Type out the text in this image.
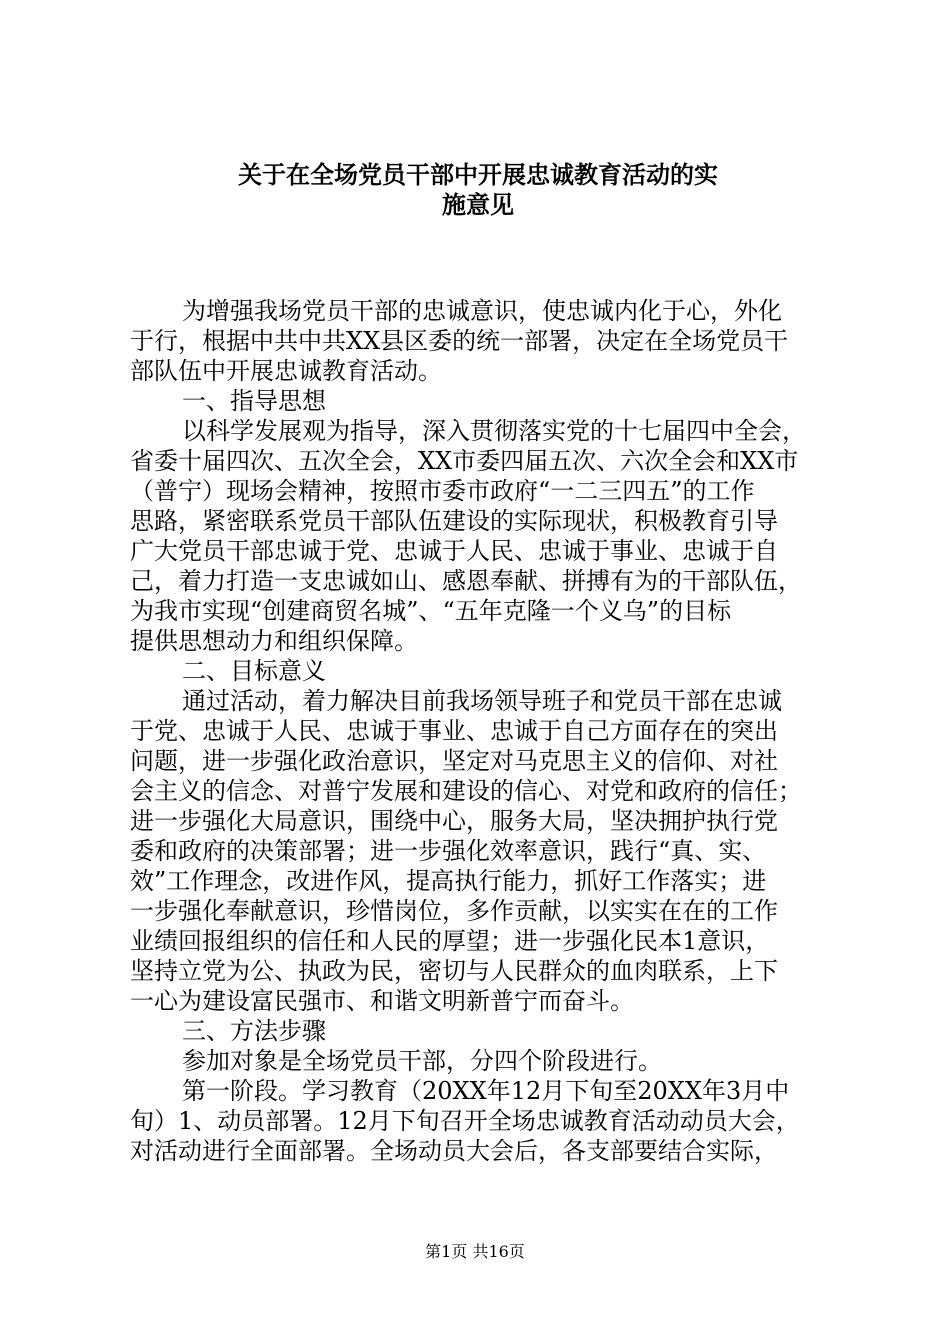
关于在全场党员干部中开展忠诚教育活动的实
施意见
为增强我场党员干部的忠诚意识，使忠诚内化于心，外化
于行，根据中共中共XX县区委的统一部署，决定在全场党员干
部队伍中开展忠诚教育活动。
一、指导思想
以科学发展观为指导，深入贯彻落实党的十七届四中全会，
省委十届四次、五次全会，XX市委四届五次、六次全会和XX市
（普宁）现场会精神，按照市委市政府“一二三四五”的工作
思路，紧密联系党员干部队伍建设的实际现状，积极教育引导
广大党员干部忠诚于党、忠诚于人民、忠诚于事业、忠诚于自
己，着力打造一支忠诚如山、感恩奉献、拼搏有为的干部队伍，
为我市实现“创建商贸名城”、“五年克隆一个义乌”的目标
提供思想动力和组织保障。
二、目标意义
通过活动，着力解决目前我场领导班子和党员干部在忠诚
于党、忠诚于人民、忠诚于事业、忠诚于自己方面存在的突出
问题，进一步强化政治意识，坚定对马克思主义的信仰、对社
会主义的信念、对普宁发展和建设的信心、对党和政府的信任；
进一步强化大局意识，围绕中心，服务大局，坚决拥护执行党
委和政府的决策部署；进一步强化效率意识，践行“真、实、
效”工作理念，改进作风，提高执行能力，抓好工作落实；进
一步强化奉献意识，珍惜岗位，多作贡献，以实实在在的工作
业绩回报组织的信任和人民的厚望；进一步强化民本1意识，
坚持立党为公、执政为民，密切与人民群众的血肉联系，上下
一心为建设富民强市、和谐文明新普宁而奋斗。
三、方法步骤
参加对象是全场党员干部，分四个阶段进行。
第一阶段。学习教育（20XX年12月下旬至20XX年3月中
旬）1、动员部署。12月下旬召开全场忠诚教育活动动员大会，
对活动进行全面部署。全场动员大会后，各支部要结合实际，
第1页 共16页
